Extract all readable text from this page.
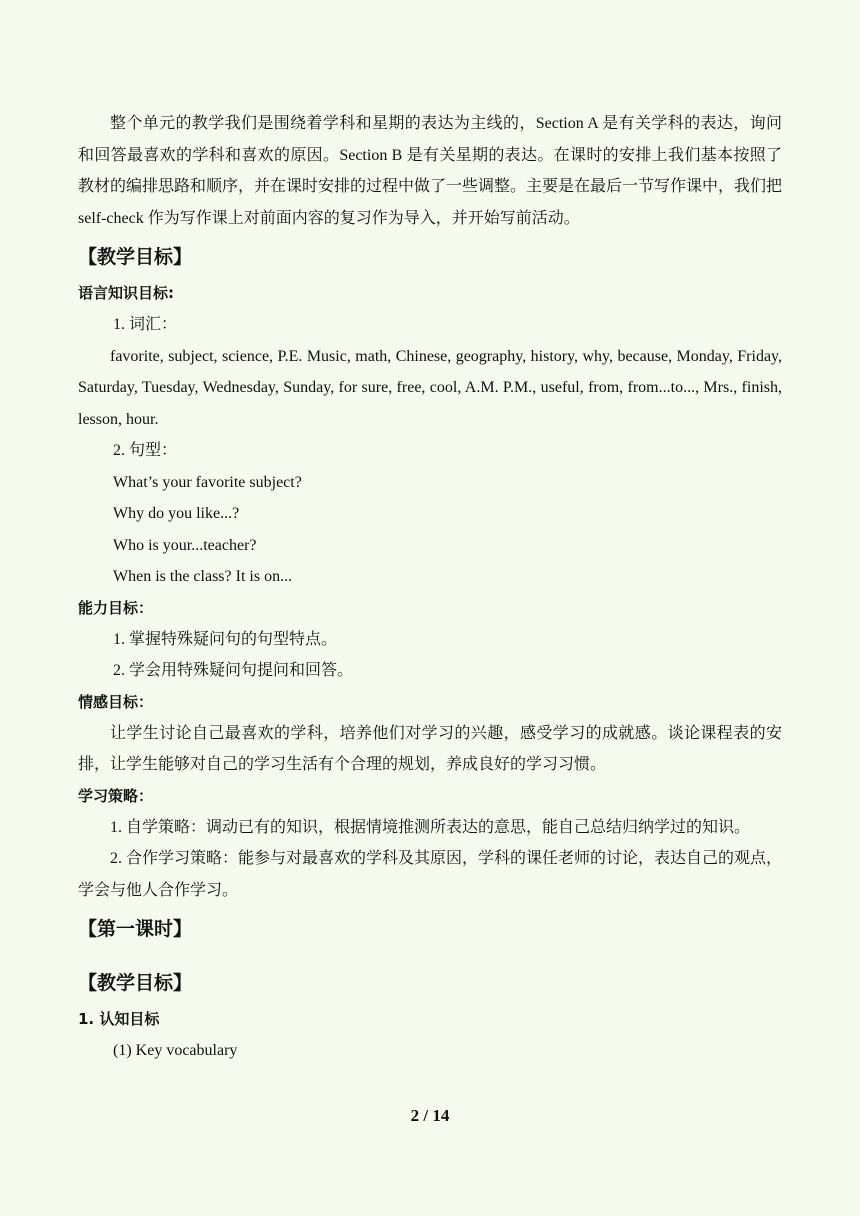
整个单元的教学我们是围绕着学科和星期的表达为主线的，Section A 是有关学科的表达，询问和回答最喜欢的学科和喜欢的原因。Section B 是有关星期的表达。在课时的安排上我们基本按照了教材的编排思路和顺序，并在课时安排的过程中做了一些调整。主要是在最后一节写作课中，我们把 self-check 作为写作课上对前面内容的复习作为导入，并开始写前活动。

【教学目标】

语言知识目标:

1. 词汇：

favorite, subject, science, P.E. Music, math, Chinese, geography, history, why, because, Monday, Friday, Saturday, Tuesday, Wednesday, Sunday, for sure, free, cool, A.M. P.M., useful, from, from...to..., Mrs., finish, lesson, hour.

2. 句型：

What’s your favorite subject?

Why do you like...?

Who is your...teacher?

When is the class? It is on...

能力目标：

1. 掌握特殊疑问句的句型特点。

2. 学会用特殊疑问句提问和回答。

情感目标：

让学生讨论自己最喜欢的学科，培养他们对学习的兴趣，感受学习的成就感。谈论课程表的安排，让学生能够对自己的学习生活有个合理的规划，养成良好的学习习惯。

学习策略：

1. 自学策略：调动已有的知识，根据情境推测所表达的意思，能自己总结归纳学过的知识。

2. 合作学习策略：能参与对最喜欢的学科及其原因，学科的课任老师的讨论，表达自己的观点，学会与他人合作学习。

【第一课时】
【教学目标】

1. 认知目标

(1) Key vocabulary

2 / 14
